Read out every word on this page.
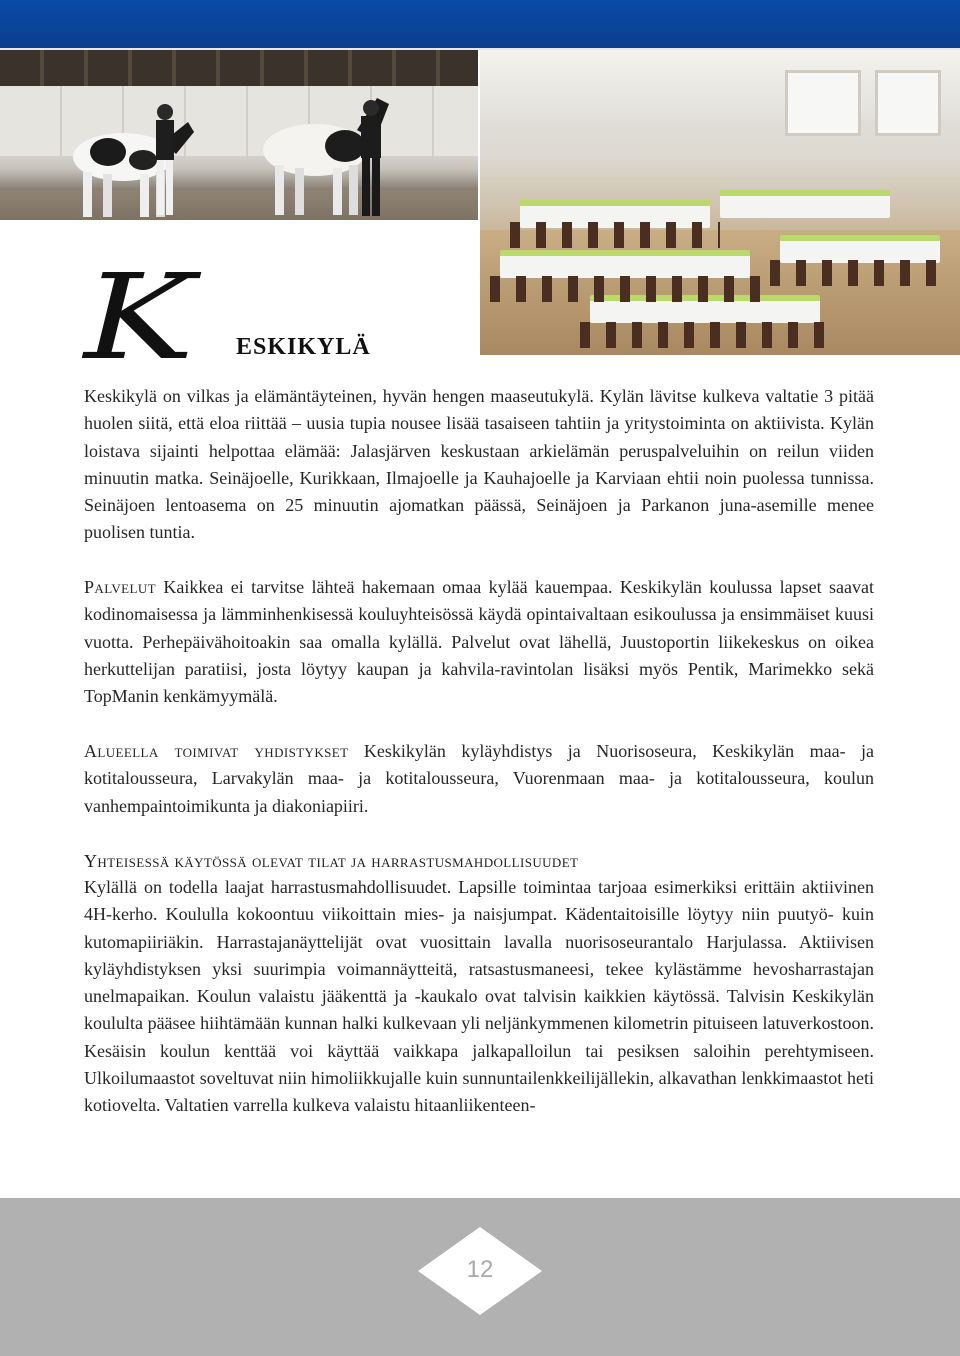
K ESKIKYLÄ
Keskikylä on vilkas ja elämäntäyteinen, hyvän hengen maaseutukylä. Kylän lävitse kulkeva valtatie 3 pitää huolen siitä, että eloa riittää – uusia tupia nousee lisää tasaiseen tahtiin ja yritystoiminta on aktiivista. Kylän loistava sijainti helpottaa elämää: Jalasjärven keskustaan arkielämän peruspalveluihin on reilun viiden minuutin matka. Seinäjoelle, Kurikkaan, Ilmajoelle ja Kauhajoelle ja Karviaan ehtii noin puolessa tunnissa. Seinäjoen lentoasema on 25 minuutin ajomatkan päässä, Seinäjoen ja Parkanon juna-asemille menee puolisen tuntia.
Palvelut Kaikkea ei tarvitse lähteä hakemaan omaa kylää kauempaa. Keskikylän koulussa lapset saavat kodinomaisessa ja lämminhenkisessä kouluyhteisössä käydä opintaivaltaan esikoulussa ja ensimmäiset kuusi vuotta. Perhepäivähoitoakin saa omalla kylällä. Palvelut ovat lähellä, Juustoportin liikekeskus on oikea herkuttelijan paratiisi, josta löytyy kaupan ja kahvila-ravintolan lisäksi myös Pentik, Marimekko sekä TopManin kenkämyymälä.
Alueella toimivat yhdistykset Keskikylän kyläyhdistys ja Nuorisoseura, Keskikylän maa- ja kotitalousseura, Larvakylän maa- ja kotitalousseura, Vuorenmaan maa- ja kotitalousseura, koulun vanhempaintoimikunta ja diakoniapiiri.
Yhteisessä käytössä olevat tilat ja harrastusmahdollisuudet
Kylällä on todella laajat harrastusmahdollisuudet. Lapsille toimintaa tarjoaa esimerkiksi erittäin aktiivinen 4H-kerho. Koululla kokoontuu viikoittain mies- ja naisjumpat. Kädentaitoisille löytyy niin puutyö- kuin kutomapiiriäkin. Harrastajanäyttelijät ovat vuosittain lavalla nuorisoseurantalo Harjulassa. Aktiivisen kyläyhdistyksen yksi suurimpia voimannäytteitä, ratsastusmaneesi, tekee kylästämme hevosharrastajan unelmapaikan. Koulun valaistu jääkenttä ja -kaukalo ovat talvisin kaikkien käytössä. Talvisin Keskikylän koululta pääsee hiihtämään kunnan halki kulkevaan yli neljänkymmenen kilometrin pituiseen latuverkostoon. Kesäisin koulun kenttää voi käyttää vaikkapa jalkapalloilun tai pesiksen saloihin perehtymiseen. Ulkoilumaastot soveltuvat niin himoliikkujalle kuin sunnuntailenkkeilijällekin, alkavathan lenkkimaastot heti kotiovelta. Valtatien varrella kulkeva valaistu hitaanliikenteen-
12
